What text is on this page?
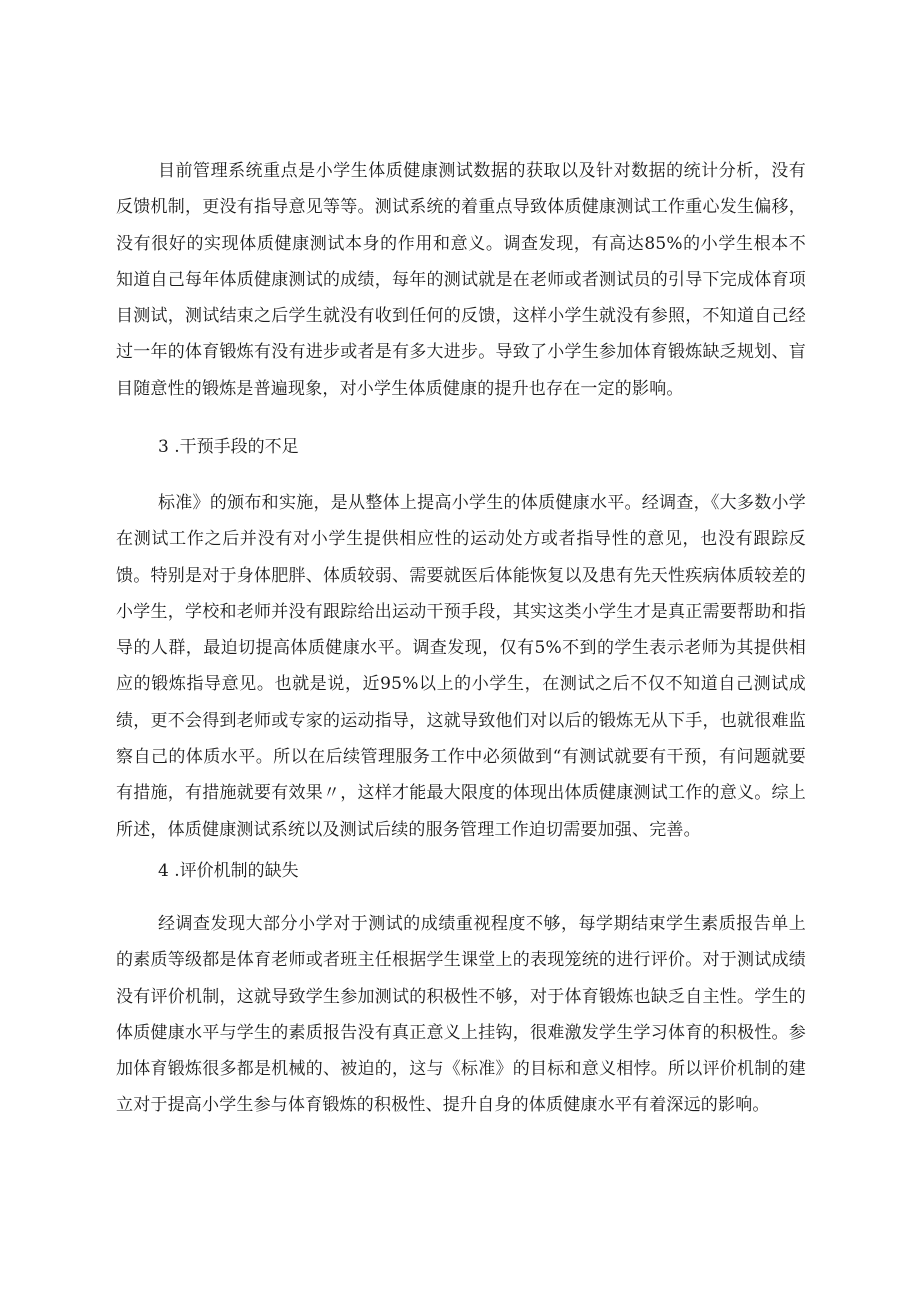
目前管理系统重点是小学生体质健康测试数据的获取以及针对数据的统计分析，没有反馈机制，更没有指导意见等等。测试系统的着重点导致体质健康测试工作重心发生偏移，没有很好的实现体质健康测试本身的作用和意义。调查发现，有高达85%的小学生根本不知道自己每年体质健康测试的成绩，每年的测试就是在老师或者测试员的引导下完成体育项目测试，测试结束之后学生就没有收到任何的反馈，这样小学生就没有参照，不知道自己经过一年的体育锻炼有没有进步或者是有多大进步。导致了小学生参加体育锻炼缺乏规划、盲目随意性的锻炼是普遍现象，对小学生体质健康的提升也存在一定的影响。

3 .干预手段的不足

标准》的颁布和实施，是从整体上提高小学生的体质健康水平。经调查，《大多数小学在测试工作之后并没有对小学生提供相应性的运动处方或者指导性的意见，也没有跟踪反馈。特别是对于身体肥胖、体质较弱、需要就医后体能恢复以及患有先天性疾病体质较差的小学生，学校和老师并没有跟踪给出运动干预手段，其实这类小学生才是真正需要帮助和指导的人群，最迫切提高体质健康水平。调查发现，仅有5%不到的学生表示老师为其提供相应的锻炼指导意见。也就是说，近95%以上的小学生，在测试之后不仅不知道自己测试成绩，更不会得到老师或专家的运动指导，这就导致他们对以后的锻炼无从下手，也就很难监察自己的体质水平。所以在后续管理服务工作中必须做到“有测试就要有干预，有问题就要有措施，有措施就要有效果〃，这样才能最大限度的体现出体质健康测试工作的意义。综上所述，体质健康测试系统以及测试后续的服务管理工作迫切需要加强、完善。

4 .评价机制的缺失

经调查发现大部分小学对于测试的成绩重视程度不够，每学期结束学生素质报告单上的素质等级都是体育老师或者班主任根据学生课堂上的表现笼统的进行评价。对于测试成绩没有评价机制，这就导致学生参加测试的积极性不够，对于体育锻炼也缺乏自主性。学生的体质健康水平与学生的素质报告没有真正意义上挂钩，很难激发学生学习体育的积极性。参加体育锻炼很多都是机械的、被迫的，这与《标准》的目标和意义相悖。所以评价机制的建立对于提高小学生参与体育锻炼的积极性、提升自身的体质健康水平有着深远的影响。
